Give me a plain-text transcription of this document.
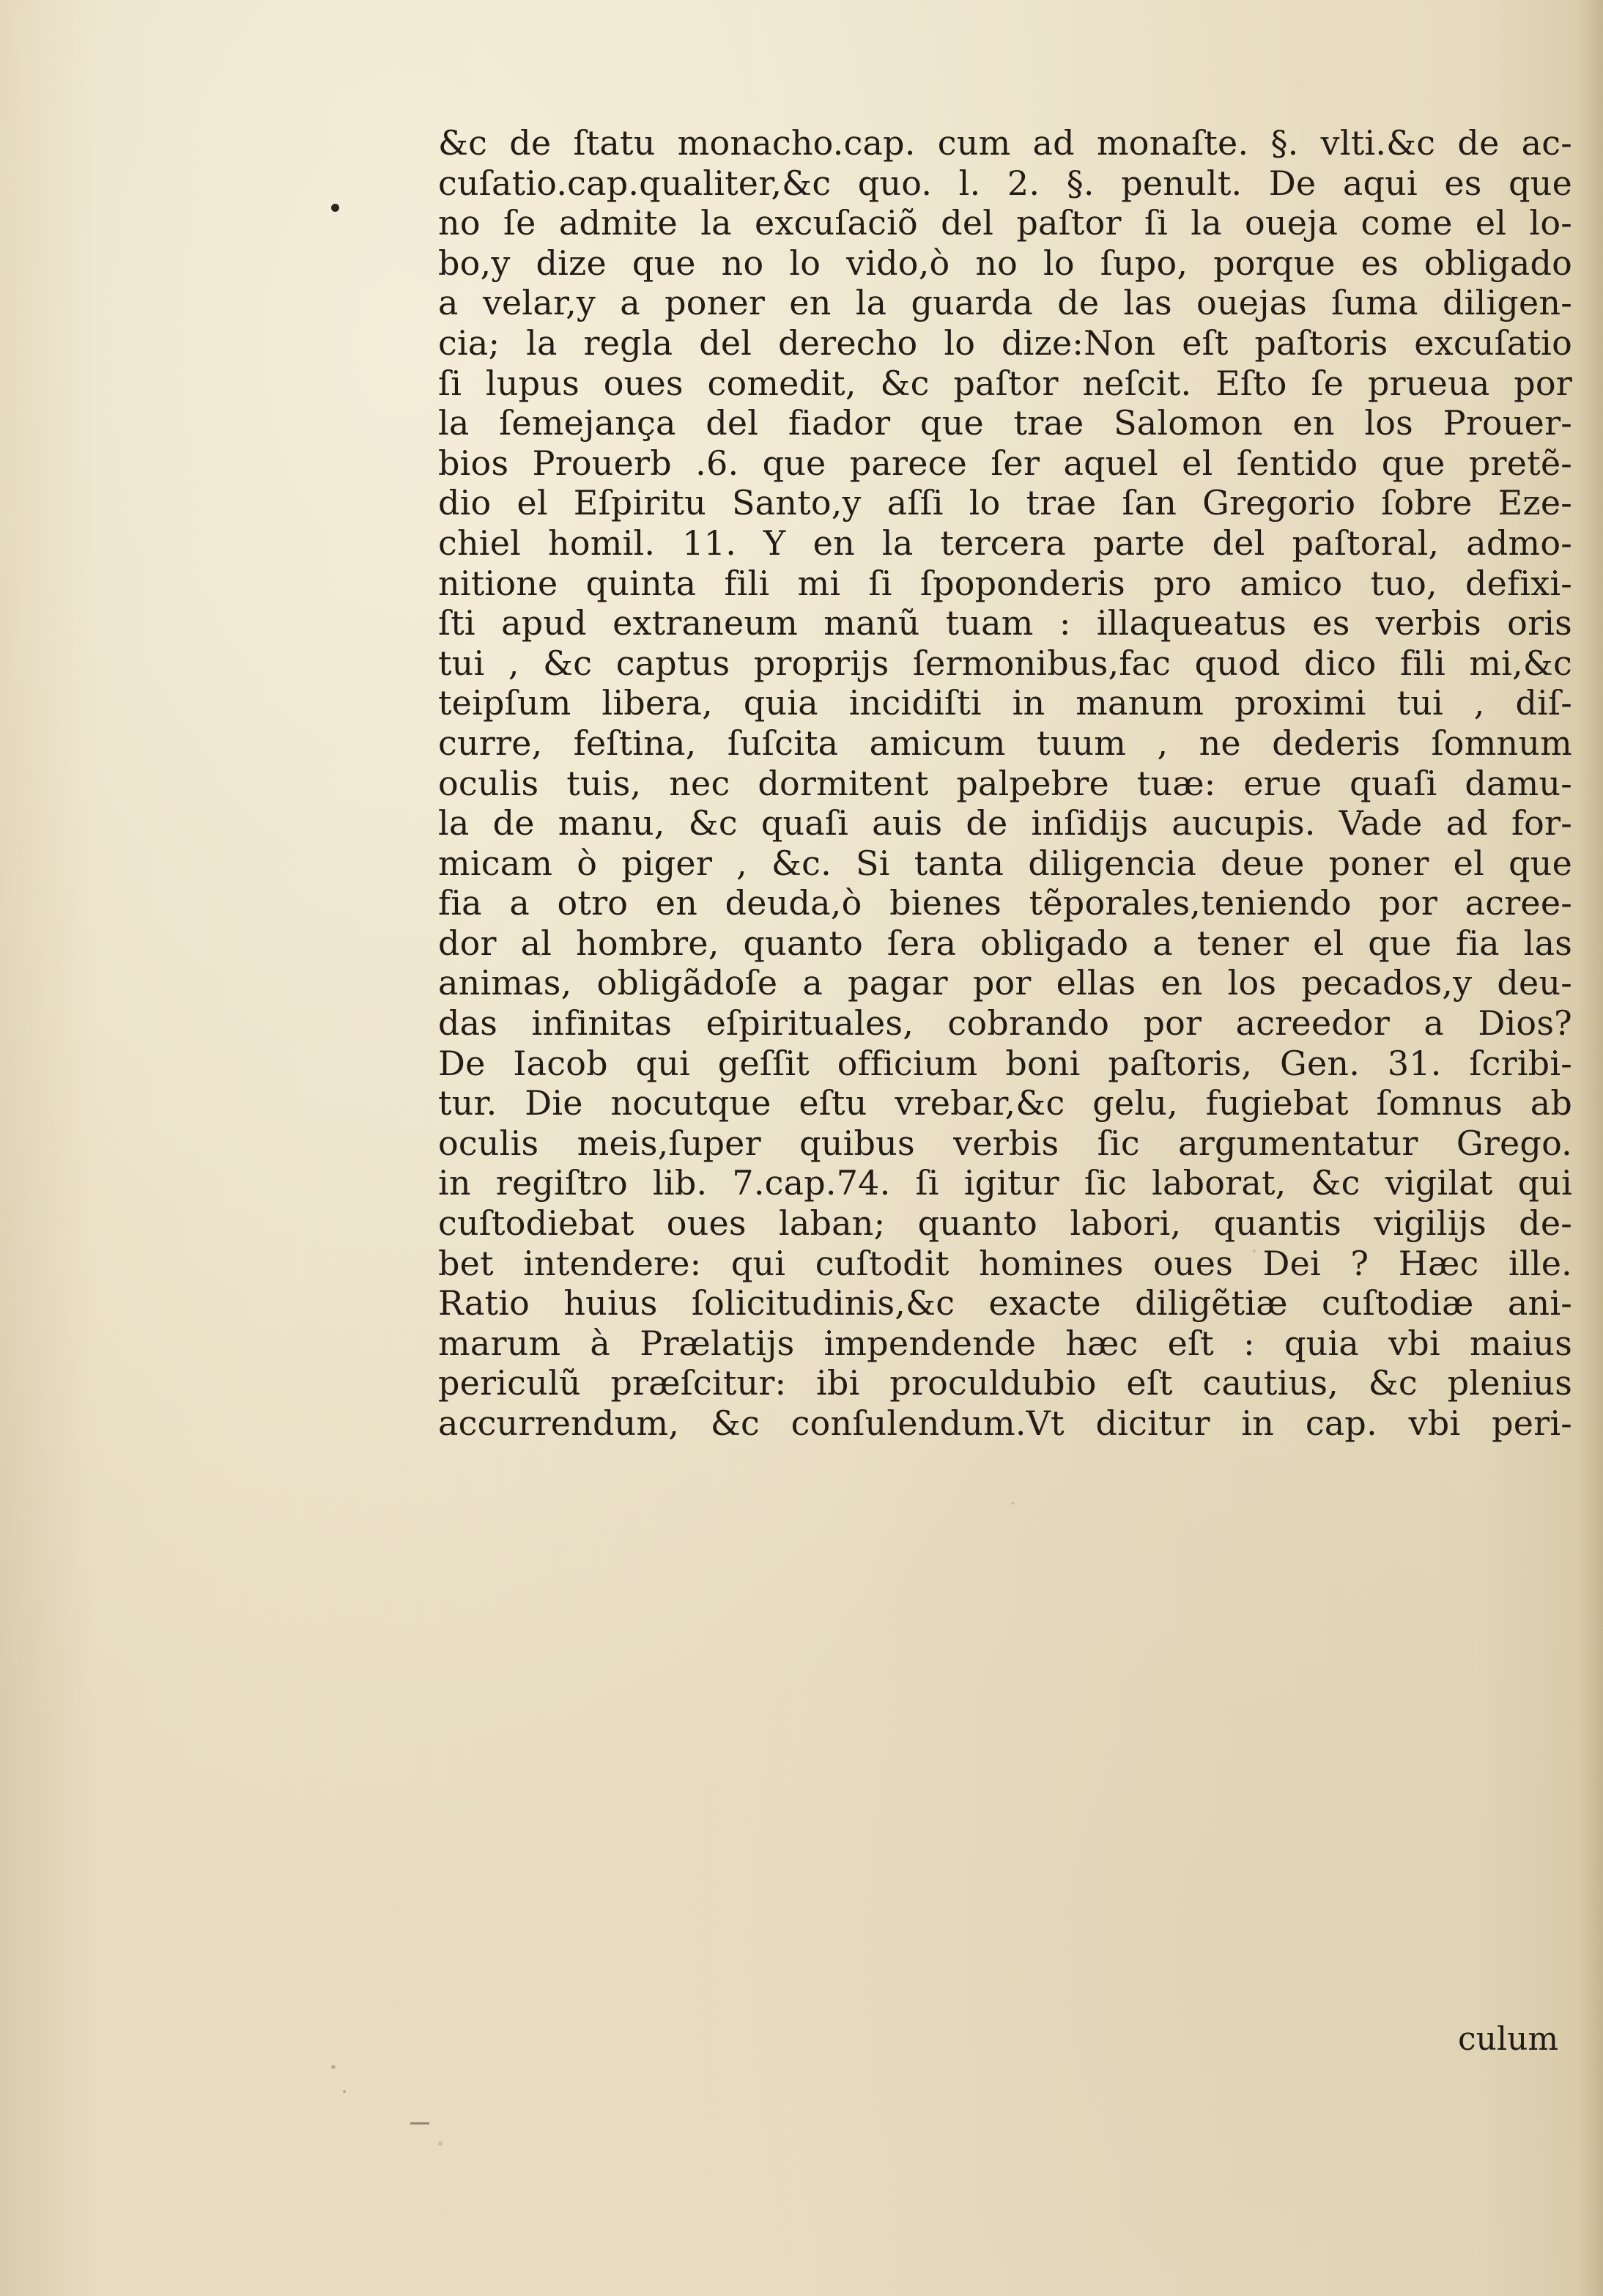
&c de ſtatu monacho.cap. cum ad monaſte. §. vlti.&c de ac-
cuſatio.cap.qualiter,&c quo. l. 2. §. penult. De aqui es que
no ſe admite la excuſaciõ del paſtor ſi la oueja come el lo-
bo,y dize que no lo vido,ò no lo ſupo, porque es obligado
a velar,y a poner en la guarda de las ouejas ſuma diligen-
cia; la regla del derecho lo dize:Non eſt paſtoris excuſatio
ſi lupus oues comedit, &c paſtor neſcit. Eſto ſe prueua por
la ſemejança del fiador que trae Salomon en los Prouer-
bios Prouerb .6. que parece ſer aquel el ſentido que pretẽ-
dio el Eſpiritu Santo,y aſſi lo trae ſan Gregorio ſobre Eze-
chiel homil. 11. Y en la tercera parte del paſtoral, admo-
nitione quinta fili mi ſi ſpoponderis pro amico tuo, defixi-
ſti apud extraneum manũ tuam : illaqueatus es verbis oris
tui , &c captus proprijs ſermonibus,fac quod dico fili mi,&c
teipſum libera, quia incidiſti in manum proximi tui , diſ-
curre, feſtina, ſuſcita amicum tuum , ne dederis ſomnum
oculis tuis, nec dormitent palpebre tuæ: erue quaſi damu-
la de manu, &c quaſi auis de inſidijs aucupis. Vade ad for-
micam ò piger , &c. Si tanta diligencia deue poner el que
fia a otro en deuda,ò bienes tẽporales,teniendo por acree-
dor al hombre, quanto ſera obligado a tener el que fia las
animas, obligãdoſe a pagar por ellas en los pecados,y deu-
das infinitas eſpirituales, cobrando por acreedor a Dios?
De Iacob qui geſſit officium boni paſtoris, Gen. 31. ſcribi-
tur. Die nocutque eſtu vrebar,&c gelu, fugiebat ſomnus ab
oculis meis,ſuper quibus verbis ſic argumentatur Grego.
in regiſtro lib. 7.cap.74. ſi igitur ſic laborat, &c vigilat qui
cuſtodiebat oues laban; quanto labori, quantis vigilijs de-
bet intendere: qui cuſtodit homines oues Dei ? Hæc ille.
Ratio huius ſolicitudinis,&c exacte diligẽtiæ cuſtodiæ ani-
marum à Prælatijs impendende hæc eſt : quia vbi maius
periculũ præſcitur: ibi proculdubio eſt cautius, &c plenius
accurrendum, &c conſulendum.Vt dicitur in cap. vbi peri-
culum
